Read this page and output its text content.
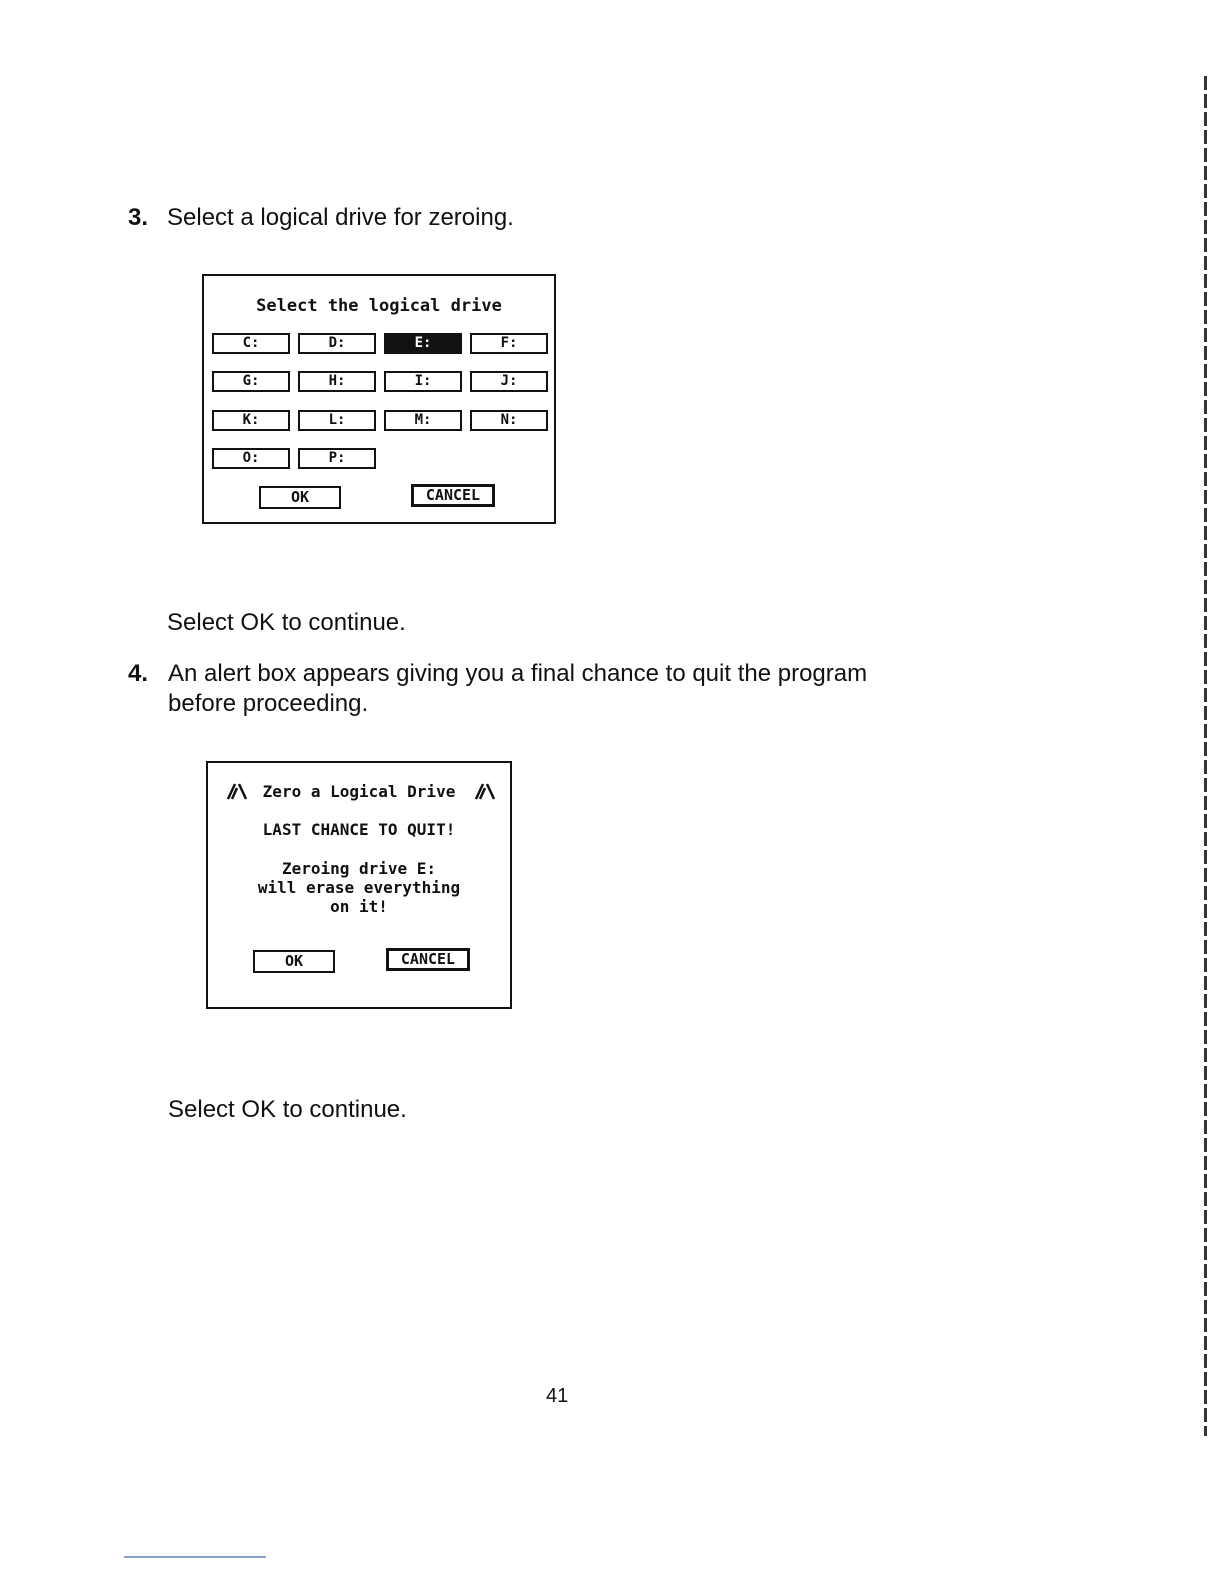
3. Select a logical drive for zeroing.
Select the logical drive
C:	D:	E:	F:
G:	H:	I:	J:
K:	L:	M:	N:
O:	P:
OK	CANCEL
Select OK to continue.
4. An alert box appears giving you a final chance to quit the program
before proceeding.
Zero a Logical Drive
LAST CHANCE TO QUIT!
Zeroing drive E:
will erase everything
on it!
OK	CANCEL
Select OK to continue.
41
